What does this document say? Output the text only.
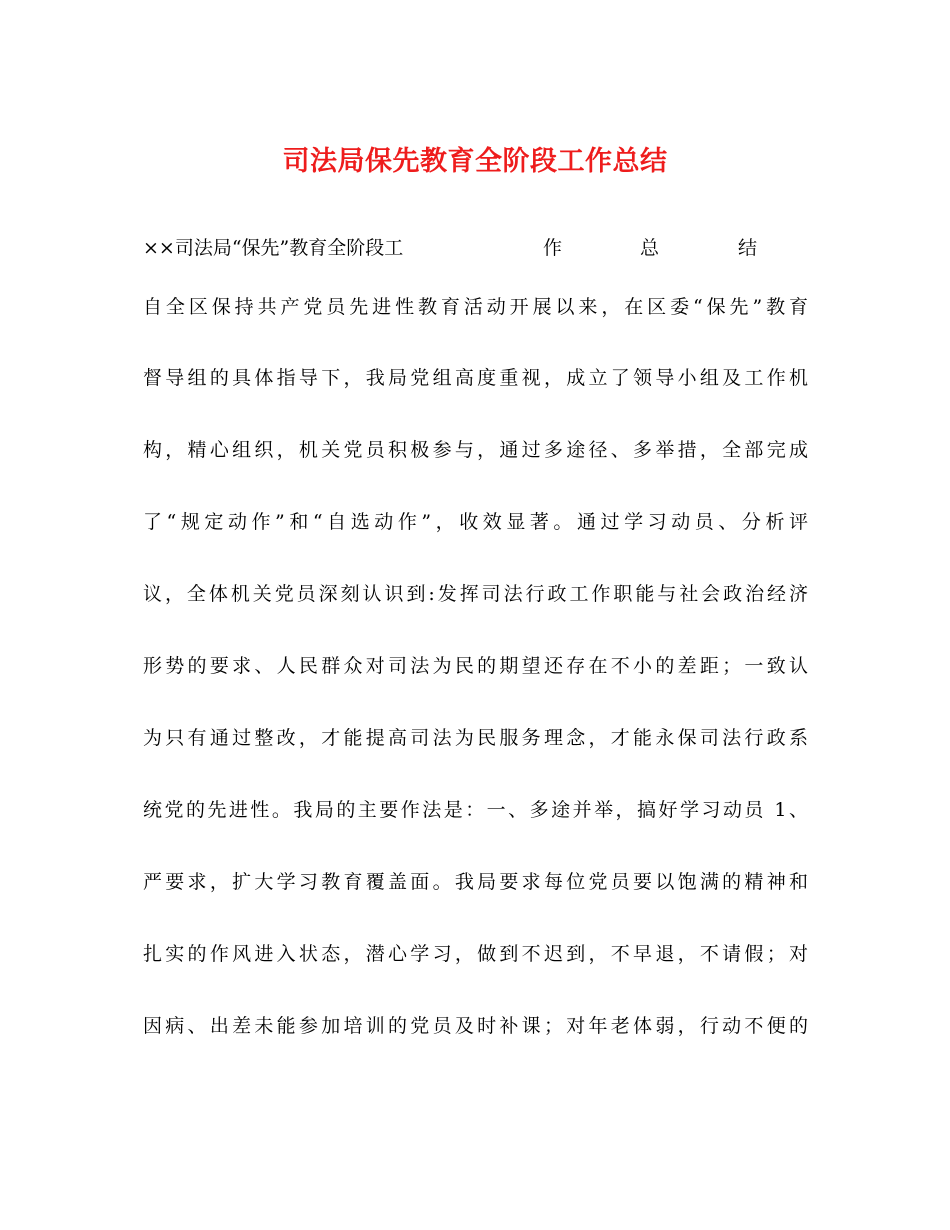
司法局保先教育全阶段工作总结
××司法局“保先”教育全阶段工	作	总	结
自全区保持共产党员先进性教育活动开展以来，在区委“保先”教育
督导组的具体指导下，我局党组高度重视，成立了领导小组及工作机
构，精心组织，机关党员积极参与，通过多途径、多举措，全部完成
了“规定动作”和“自选动作”，收效显著。通过学习动员、分析评
议，全体机关党员深刻认识到:发挥司法行政工作职能与社会政治经济
形势的要求、人民群众对司法为民的期望还存在不小的差距；一致认
为只有通过整改，才能提高司法为民服务理念，才能永保司法行政系
统党的先进性。我局的主要作法是：一、多途并举，搞好学习动员 1、
严要求，扩大学习教育覆盖面。我局要求每位党员要以饱满的精神和
扎实的作风进入状态，潜心学习，做到不迟到，不早退，不请假；对
因病、出差未能参加培训的党员及时补课；对年老体弱，行动不便的
